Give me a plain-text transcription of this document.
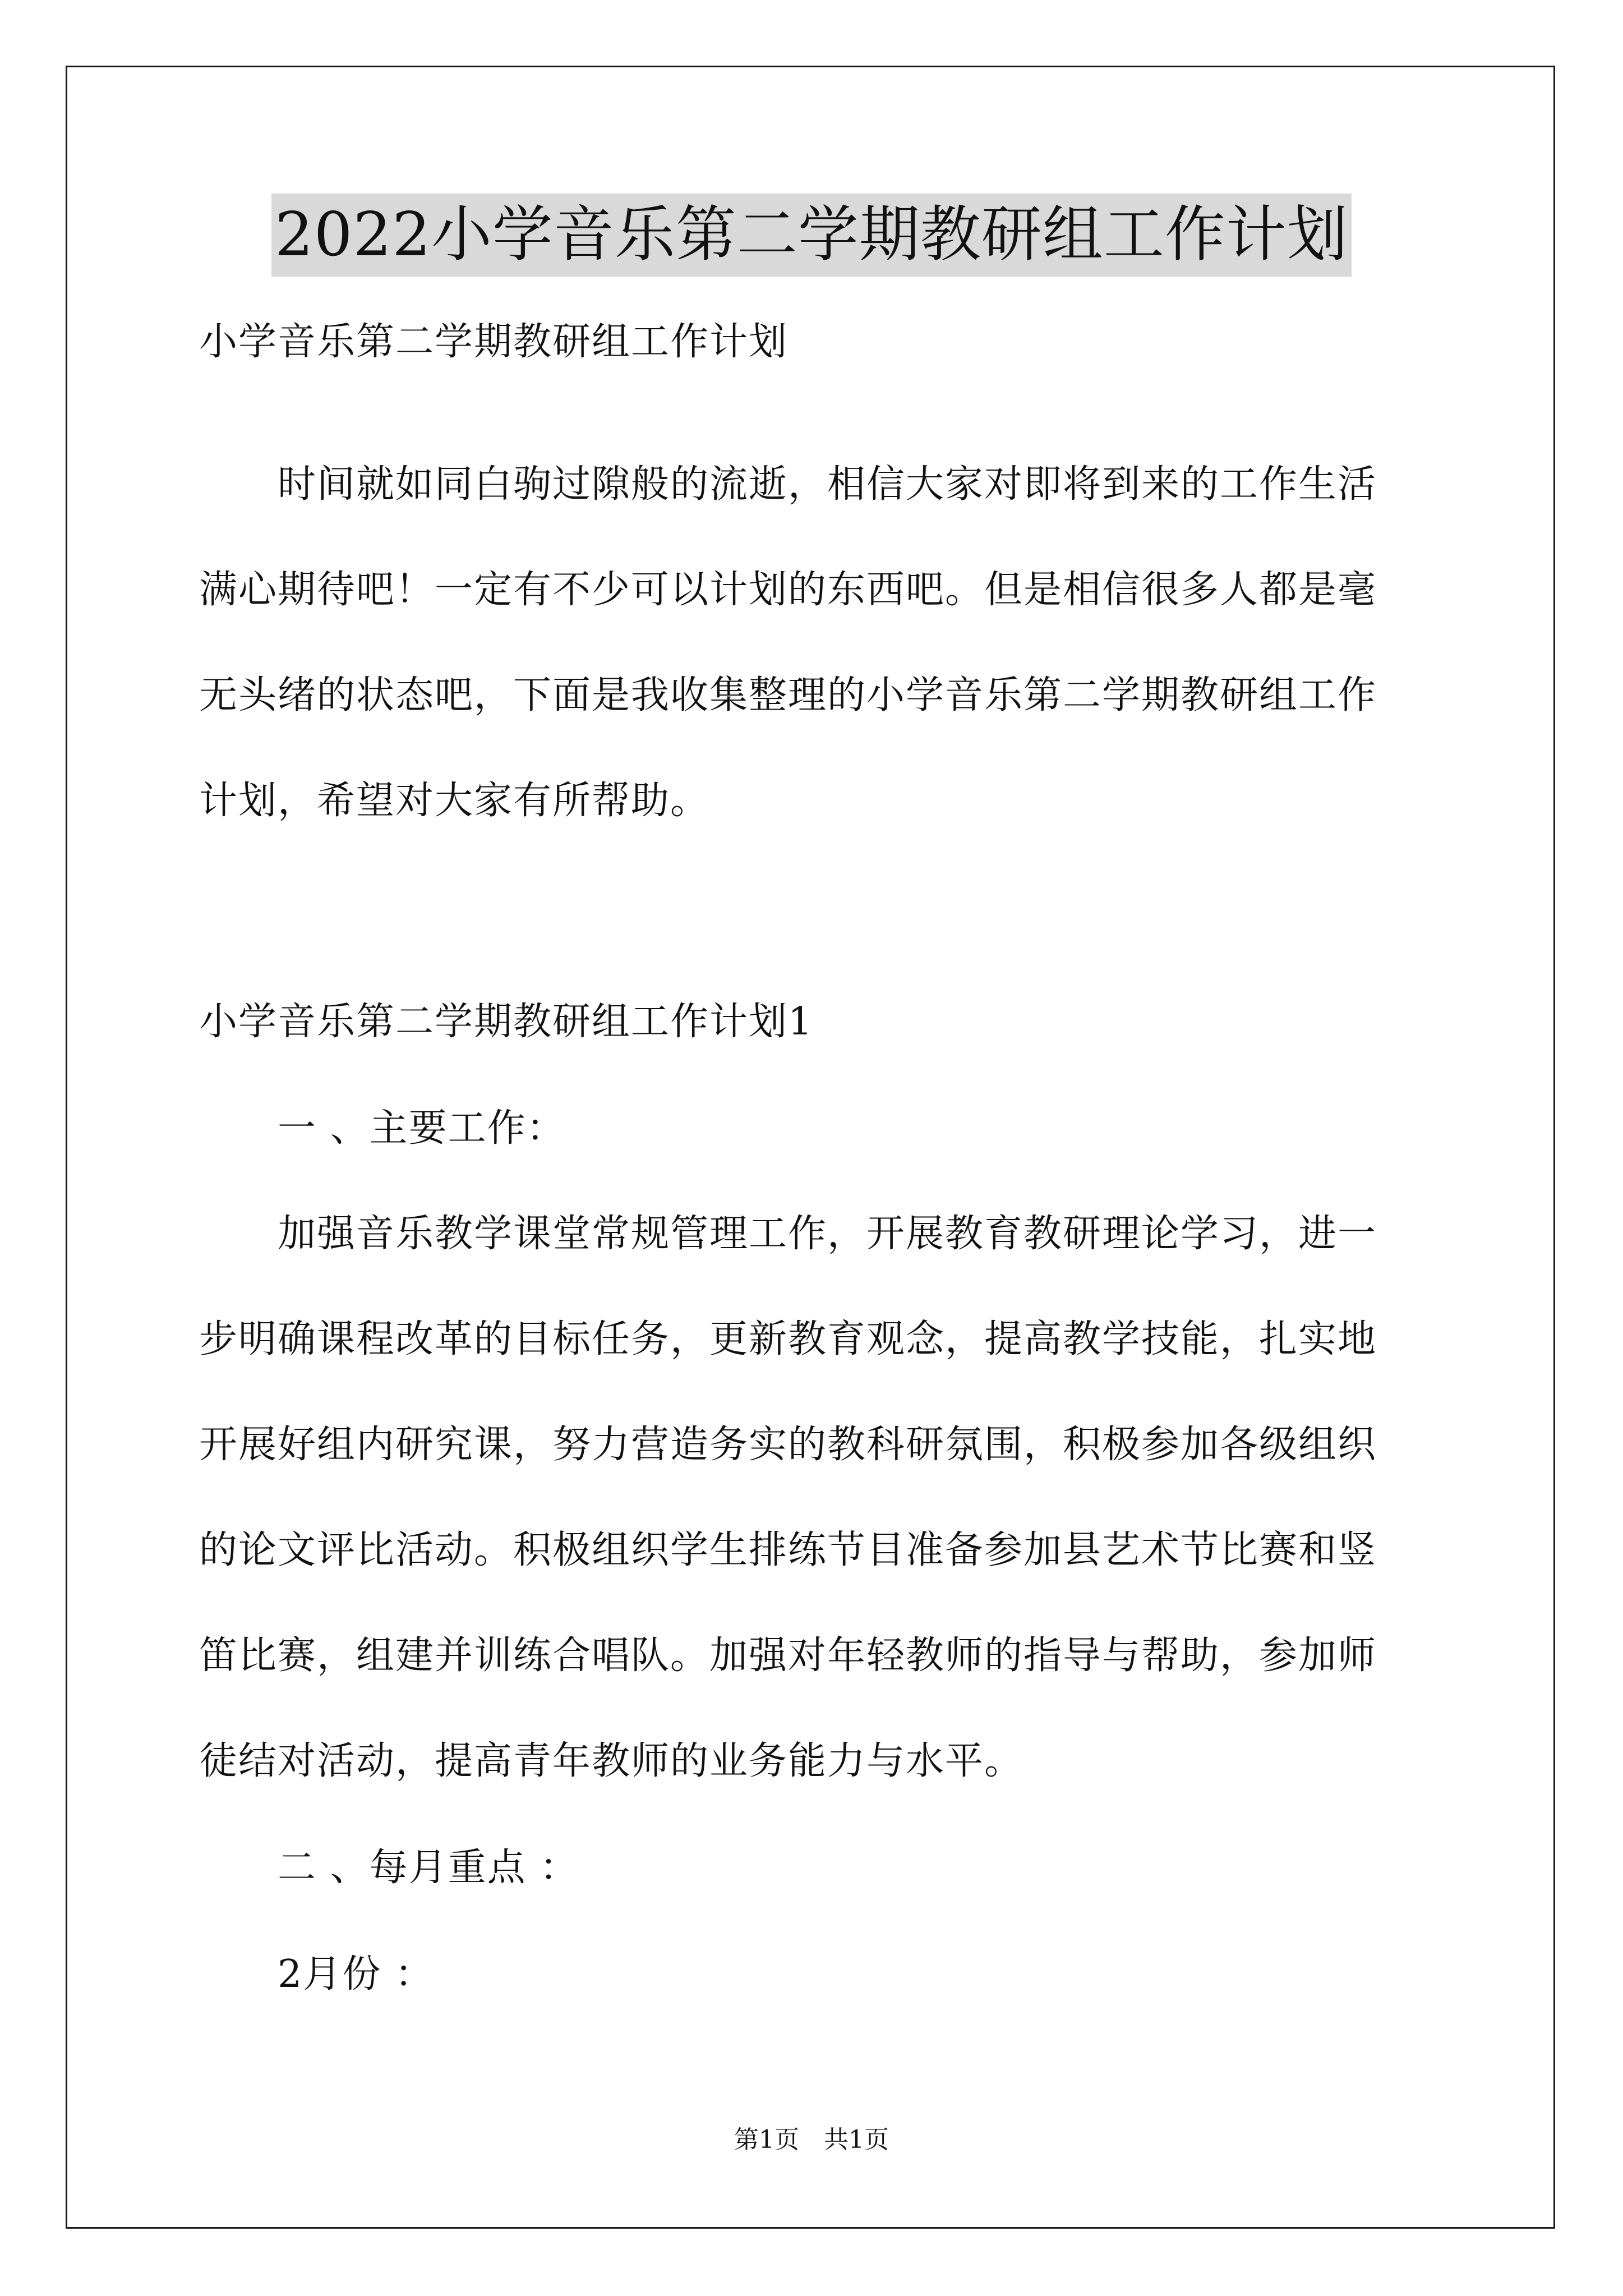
2022小学音乐第二学期教研组工作计划
小学音乐第二学期教研组工作计划
时间就如同白驹过隙般的流逝，相信大家对即将到来的工作生活
满心期待吧！一定有不少可以计划的东西吧。但是相信很多人都是毫
无头绪的状态吧，下面是我收集整理的小学音乐第二学期教研组工作
计划，希望对大家有所帮助。
小学音乐第二学期教研组工作计划1
一 、主要工作：
加强音乐教学课堂常规管理工作，开展教育教研理论学习，进一
步明确课程改革的目标任务，更新教育观念，提高教学技能，扎实地
开展好组内研究课，努力营造务实的教科研氛围，积极参加各级组织
的论文评比活动。积极组织学生排练节目准备参加县艺术节比赛和竖
笛比赛，组建并训练合唱队。加强对年轻教师的指导与帮助，参加师
徒结对活动，提高青年教师的业务能力与水平。
二 、每月重点 ：
2月份 ：
第1页　共1页
